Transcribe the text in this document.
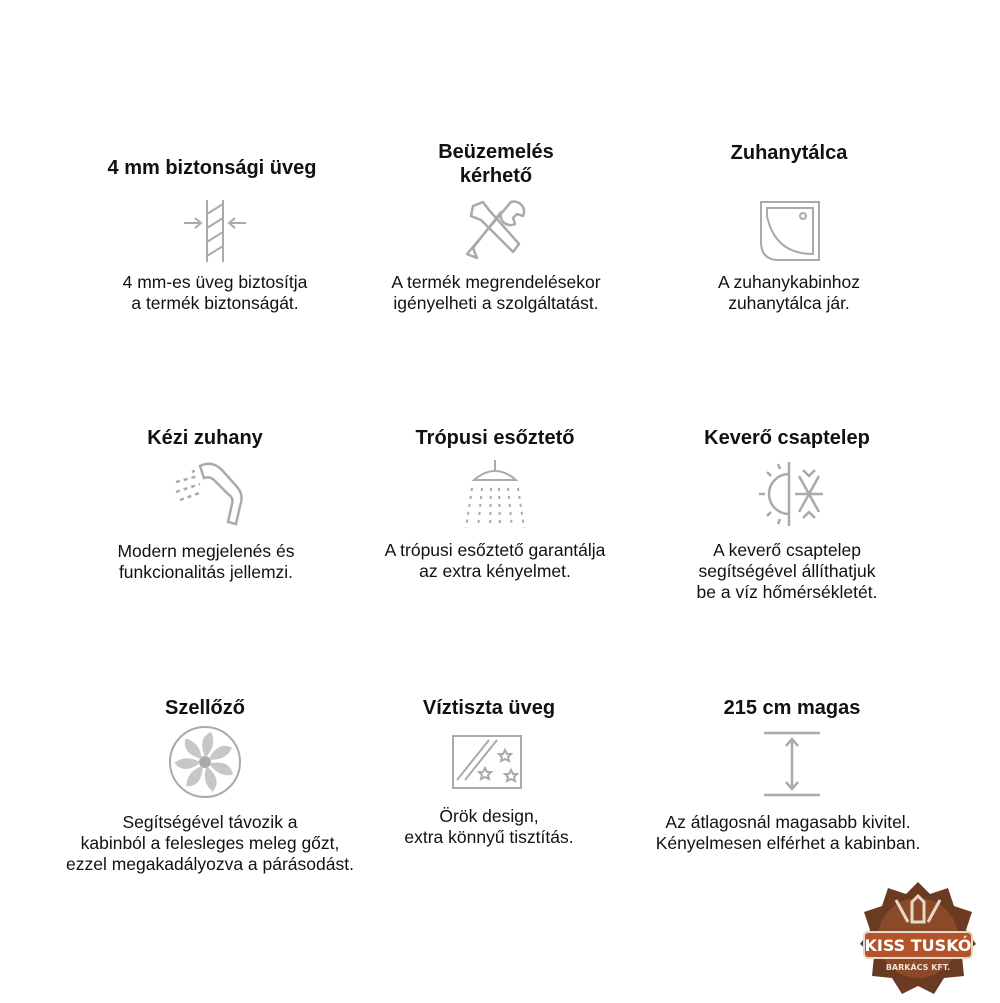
4 mm biztonsági üveg
4 mm-es üveg biztosítja
a termék biztonságát.
Beüzemelés
kérhető
A termék megrendelésekor
igényelheti a szolgáltatást.
Zuhanytálca
A zuhanykabinhoz
zuhanytálca jár.
Kézi zuhany
Modern megjelenés és
funkcionalitás jellemzi.
Trópusi esőztető
A trópusi esőztető garantálja
az extra kényelmet.
Keverő csaptelep
A keverő csaptelep
segítségével állíthatjuk
be a víz hőmérsékletét.
Szellőző
Segítségével távozik a
kabinból a felesleges meleg gőzt,
ezzel megakadályozva a párásodást.
Víztiszta üveg
Örök design,
extra könnyű tisztítás.
215 cm magas
Az átlagosnál magasabb kivitel.
Kényelmesen elférhet a kabinban.
KISS TUSKÓ
BARKÁCS KFT.
